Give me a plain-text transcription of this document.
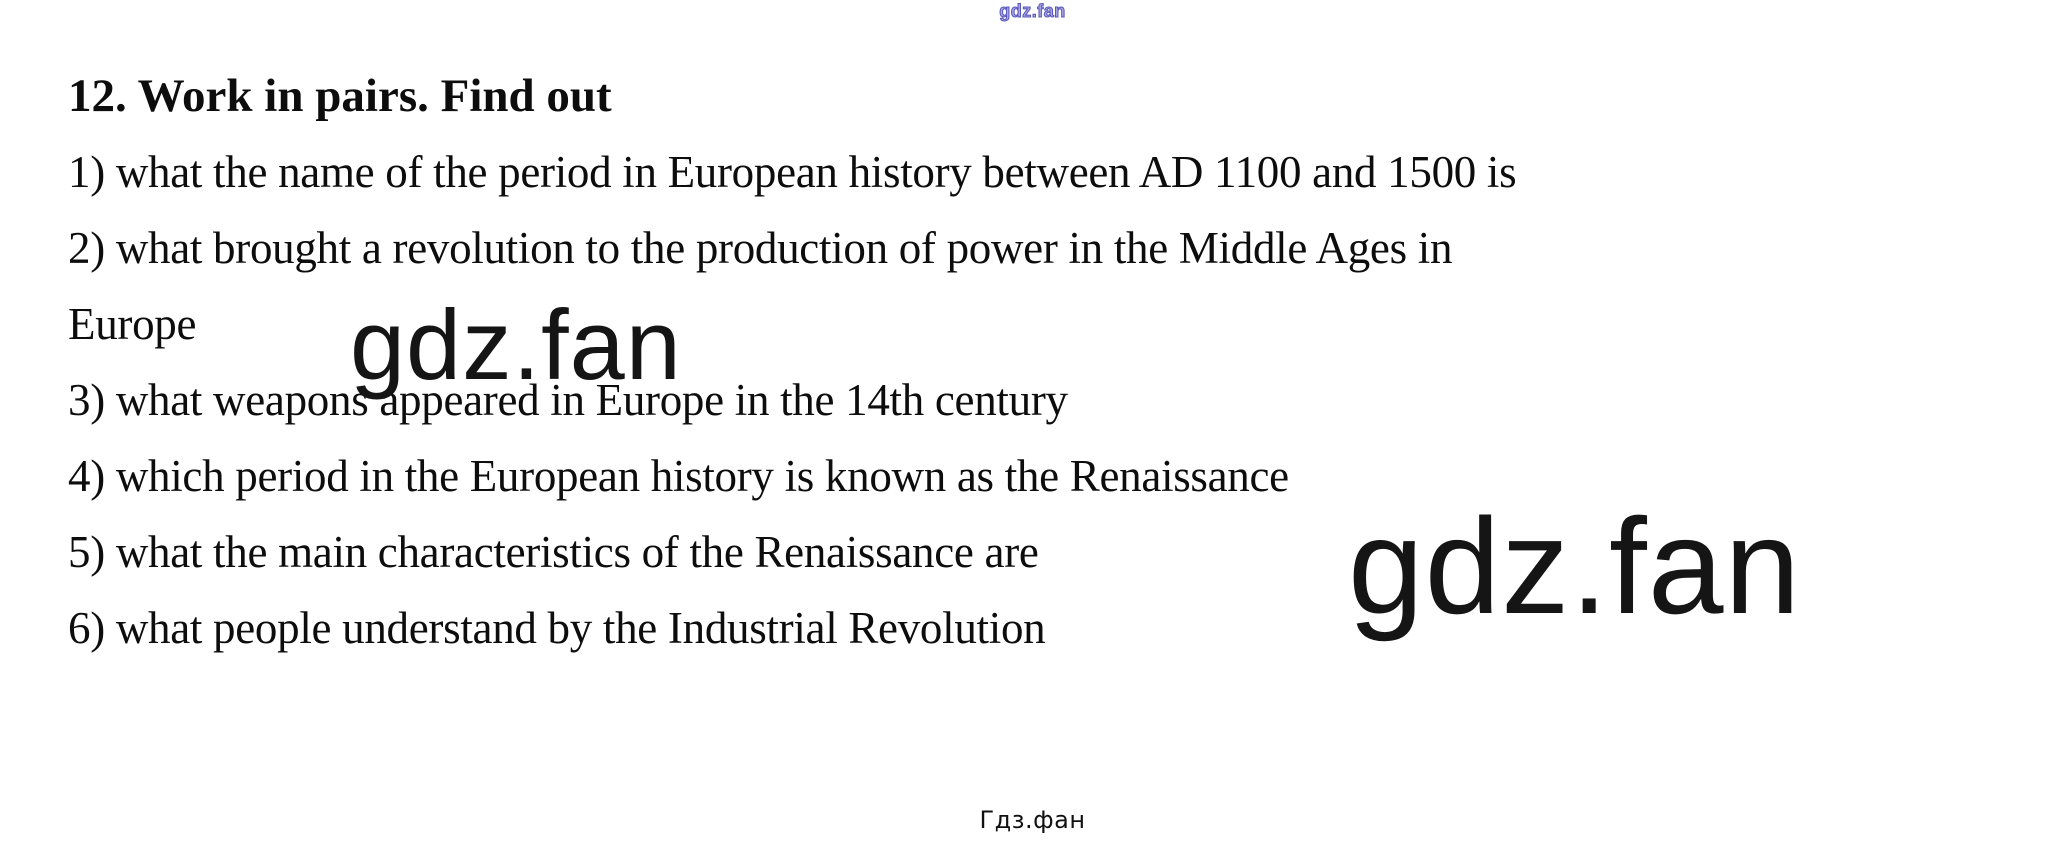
gdz.fan
12. Work in pairs. Find out
1) what the name of the period in European history between AD 1100 and 1500 is
2) what brought a revolution to the production of power in the Middle Ages in
Europe
3) what weapons appeared in Europe in the 14th century
4) which period in the European history is known as the Renaissance
5) what the main characteristics of the Renaissance are
6) what people understand by the Industrial Revolution
gdz.fan
gdz.fan
Гдз.фан
